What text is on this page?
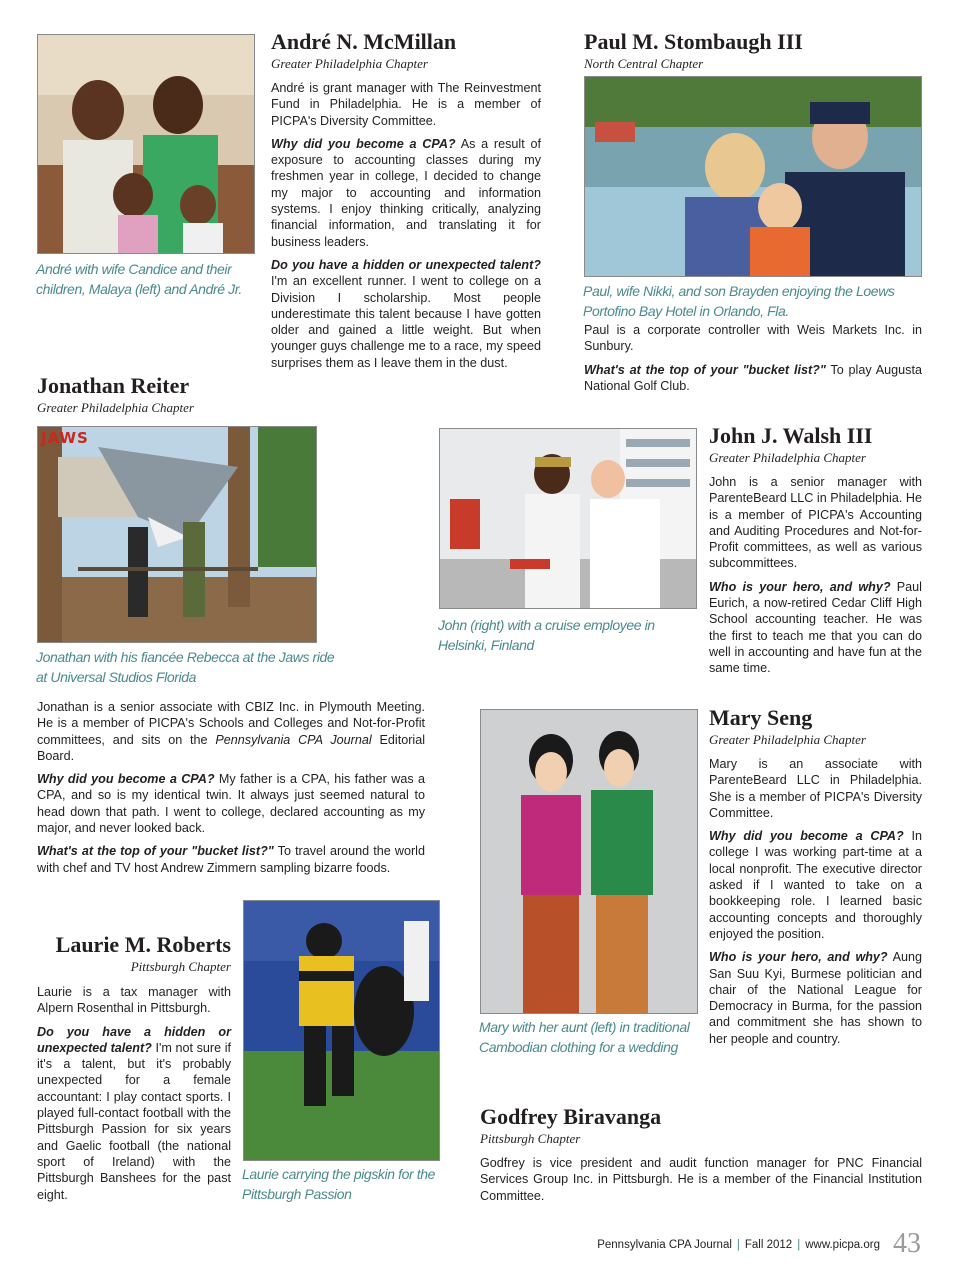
André with wife Candice and their children, Malaya (left) and André Jr.
André N. McMillan
Greater Philadelphia Chapter

André is grant manager with The Reinvestment Fund in Philadelphia. He is a member of PICPA's Diversity Committee.

Why did you become a CPA? As a result of exposure to accounting classes during my freshmen year in college, I decided to change my major to accounting and information systems. I enjoy thinking critically, analyzing financial information, and translating it for business leaders.

Do you have a hidden or unexpected talent? I'm an excellent runner. I went to college on a Division I scholarship. Most people underestimate this talent because I have gotten older and gained a little weight. But when younger guys challenge me to a race, my speed surprises them as I leave them in the dust.

Paul M. Stombaugh III
North Central Chapter
Paul, wife Nikki, and son Brayden enjoying the Loews Portofino Bay Hotel in Orlando, Fla.

Paul is a corporate controller with Weis Markets Inc. in Sunbury.

What's at the top of your "bucket list?" To play Augusta National Golf Club.

Jonathan Reiter
Greater Philadelphia Chapter
JAWS
Jonathan with his fiancée Rebecca at the Jaws ride at Universal Studios Florida

Jonathan is a senior associate with CBIZ Inc. in Plymouth Meeting. He is a member of PICPA's Schools and Colleges and Not-for-Profit committees, and sits on the Pennsylvania CPA Journal Editorial Board.

Why did you become a CPA? My father is a CPA, his father was a CPA, and so is my identical twin. It always just seemed natural to head down that path. I went to college, declared accounting as my major, and never looked back.

What's at the top of your "bucket list?" To travel around the world with chef and TV host Andrew Zimmern sampling bizarre foods.

John (right) with a cruise employee in Helsinki, Finland
John J. Walsh III
Greater Philadelphia Chapter

John is a senior manager with ParenteBeard LLC in Philadelphia. He is a member of PICPA's Accounting and Auditing Procedures and Not-for-Profit committees, as well as various subcommittees.

Who is your hero, and why? Paul Eurich, a now-retired Cedar Cliff High School accounting teacher. He was the first to teach me that you can do well in accounting and have fun at the same time.

Mary with her aunt (left) in traditional Cambodian clothing for a wedding
Mary Seng
Greater Philadelphia Chapter

Mary is an associate with ParenteBeard LLC in Philadelphia. She is a member of PICPA's Diversity Committee.

Why did you become a CPA? In college I was working part-time at a local nonprofit. The executive director asked if I wanted to take on a bookkeeping role. I learned basic accounting concepts and thoroughly enjoyed the position.

Who is your hero, and why? Aung San Suu Kyi, Burmese politician and chair of the National League for Democracy in Burma, for the passion and commitment she has shown to her people and country.

Laurie M. Roberts
Pittsburgh Chapter

Laurie is a tax manager with Alpern Rosenthal in Pittsburgh.

Do you have a hidden or unexpected talent? I'm not sure if it's a talent, but it's probably unexpected for a female accountant: I play contact sports. I played full-contact football with the Pittsburgh Passion for six years and Gaelic football (the national sport of Ireland) with the Pittsburgh Banshees for the past eight.

Laurie carrying the pigskin for the Pittsburgh Passion
Godfrey Biravanga
Pittsburgh Chapter

Godfrey is vice president and audit function manager for PNC Financial Services Group Inc. in Pittsburgh. He is a member of the Financial Institution Committee.

Pennsylvania CPA Journal | Fall 2012 | www.picpa.org 43
